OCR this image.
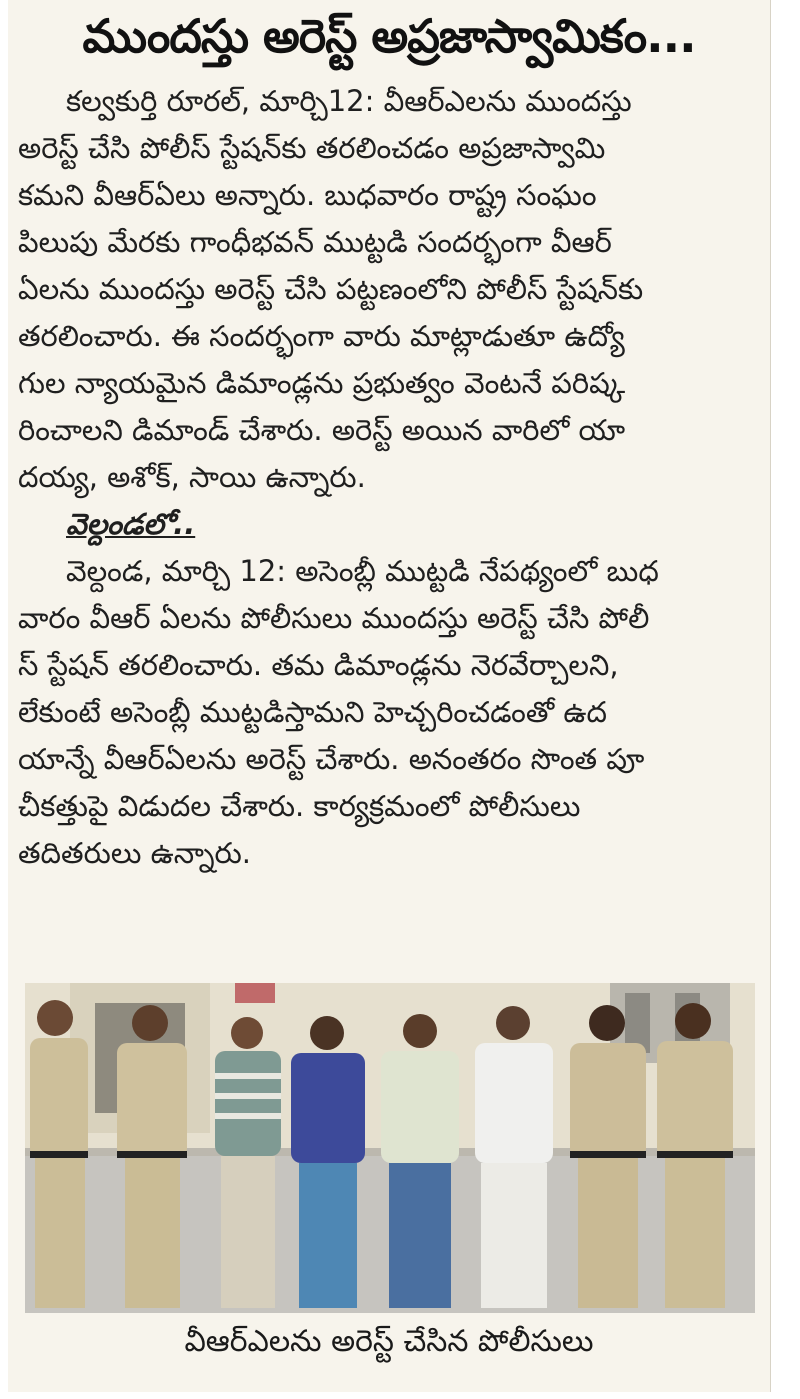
ముందస్తు అరెస్ట్ అప్రజాస్వామికం...
కల్వకుర్తి రూరల్, మార్చి12: వీఆర్ఎలను ముందస్తు
అరెస్ట్ చేసి పోలీస్ స్టేషన్‌కు తరలించడం అప్రజాస్వామి
కమని వీఆర్ఏలు అన్నారు. బుధవారం రాష్ట్ర సంఘం
పిలుపు మేరకు గాంధీభవన్ ముట్టడి సందర్భంగా వీఆర్
ఏలను ముందస్తు అరెస్ట్ చేసి పట్టణంలోని పోలీస్ స్టేషన్‌కు
తరలించారు. ఈ సందర్భంగా వారు మాట్లాడుతూ ఉద్యో
గుల న్యాయమైన డిమాండ్లను ప్రభుత్వం వెంటనే పరిష్క
రించాలని డిమాండ్ చేశారు. అరెస్ట్ అయిన వారిలో యా
దయ్య, అశోక్, సాయి ఉన్నారు.
వెల్దండలో..
వెల్దండ, మార్చి 12: అసెంబ్లీ ముట్టడి నేపథ్యంలో బుధ
వారం వీఆర్ ఏలను పోలీసులు ముందస్తు అరెస్ట్ చేసి పోలీ
స్ స్టేషన్ తరలించారు. తమ డిమాండ్లను నెరవేర్చాలని,
లేకుంటే అసెంబ్లీ ముట్టడిస్తామని హెచ్చరించడంతో ఉద
యాన్నే వీఆర్ఏలను అరెస్ట్ చేశారు. అనంతరం సొంత పూ
చీకత్తుపై విడుదల చేశారు. కార్యక్రమంలో పోలీసులు
తదితరులు ఉన్నారు.
వీఆర్ఎలను అరెస్ట్ చేసిన పోలీసులు
